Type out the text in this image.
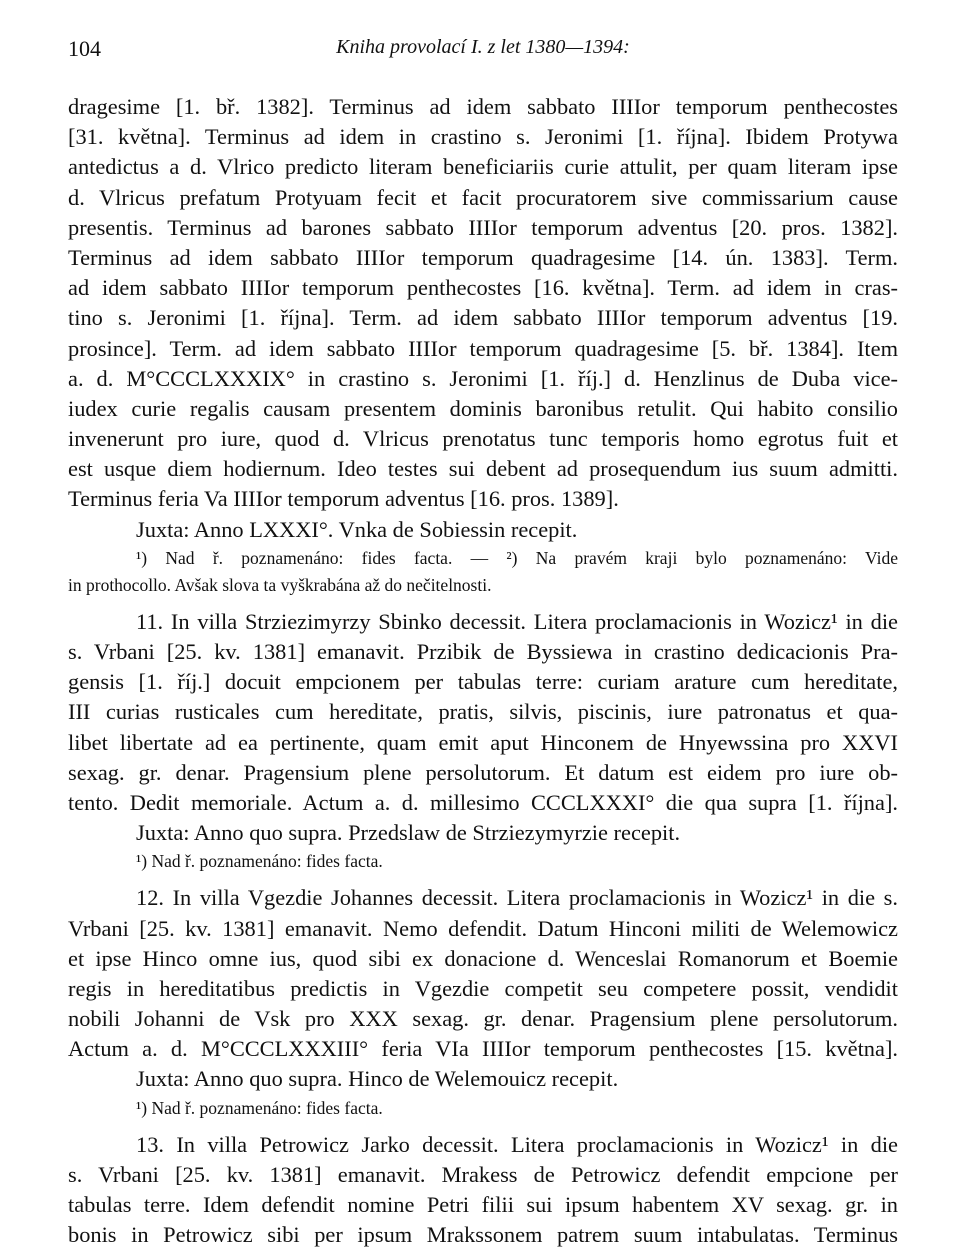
104	Kniha provolací I. z let 1380—1394:
dragesime [1. bř. 1382]. Terminus ad idem sabbato IIIIor temporum penthecostes
[31. května]. Terminus ad idem in crastino s. Jeronimi [1. října]. Ibidem Protywa
antedictus a d. Vlrico predicto literam beneficiariis curie attulit, per quam literam ipse
d. Vlricus prefatum Protyuam fecit et facit procuratorem sive commissarium cause
presentis. Terminus ad barones sabbato IIIIor temporum adventus [20. pros. 1382].
Terminus ad idem sabbato IIIIor temporum quadragesime [14. ún. 1383]. Term.
ad idem sabbato IIIIor temporum penthecostes [16. května]. Term. ad idem in cras-
tino s. Jeronimi [1. října]. Term. ad idem sabbato IIIIor temporum adventus [19.
prosince]. Term. ad idem sabbato IIIIor temporum quadragesime [5. bř. 1384]. Item
a. d. M°CCCLXXXIX° in crastino s. Jeronimi [1. říj.] d. Henzlinus de Duba vice-
iudex curie regalis causam presentem dominis baronibus retulit. Qui habito consilio
invenerunt pro iure, quod d. Vlricus prenotatus tunc temporis homo egrotus fuit et
est usque diem hodiernum. Ideo testes sui debent ad prosequendum ius suum admitti.
Terminus feria Va IIIIor temporum adventus [16. pros. 1389].
Juxta: Anno LXXXI°. Vnka de Sobiessin recepit.
¹) Nad ř. poznamenáno: fides facta. — ²) Na pravém kraji bylo poznamenáno: Vide
in prothocollo. Avšak slova ta vyškrabána až do nečitelnosti.
11. In villa Strziezimyrzy Sbinko decessit. Litera proclamacionis in Wozicz¹ in die
s. Vrbani [25. kv. 1381] emanavit. Przibik de Byssiewa in crastino dedicacionis Pra-
gensis [1. říj.] docuit empcionem per tabulas terre: curiam arature cum hereditate,
III curias rusticales cum hereditate, pratis, silvis, piscinis, iure patronatus et qua-
libet libertate ad ea pertinente, quam emit aput Hinconem de Hnyewssina pro XXVI
sexag. gr. denar. Pragensium plene persolutorum. Et datum est eidem pro iure ob-
tento. Dedit memoriale. Actum a. d. millesimo CCCLXXXI° die qua supra [1. října].
Juxta: Anno quo supra. Przedslaw de Strziezymyrzie recepit.
¹) Nad ř. poznamenáno: fides facta.
12. In villa Vgezdie Johannes decessit. Litera proclamacionis in Wozicz¹ in die s.
Vrbani [25. kv. 1381] emanavit. Nemo defendit. Datum Hinconi militi de Welemowicz
et ipse Hinco omne ius, quod sibi ex donacione d. Wenceslai Romanorum et Boemie
regis in hereditatibus predictis in Vgezdie competit seu competere possit, vendidit
nobili Johanni de Vsk pro XXX sexag. gr. denar. Pragensium plene persolutorum.
Actum a. d. M°CCCLXXXIII° feria VIa IIIIor temporum penthecostes [15. května].
Juxta: Anno quo supra. Hinco de Welemouicz recepit.
¹) Nad ř. poznamenáno: fides facta.
13. In villa Petrowicz Jarko decessit. Litera proclamacionis in Wozicz¹ in die
s. Vrbani [25. kv. 1381] emanavit. Mrakess de Petrowicz defendit empcione per
tabulas terre. Idem defendit nomine Petri filii sui ipsum habentem XV sexag. gr. in
bonis in Petrowicz sibi per ipsum Mrakssonem patrem suum intabulatas. Terminus
